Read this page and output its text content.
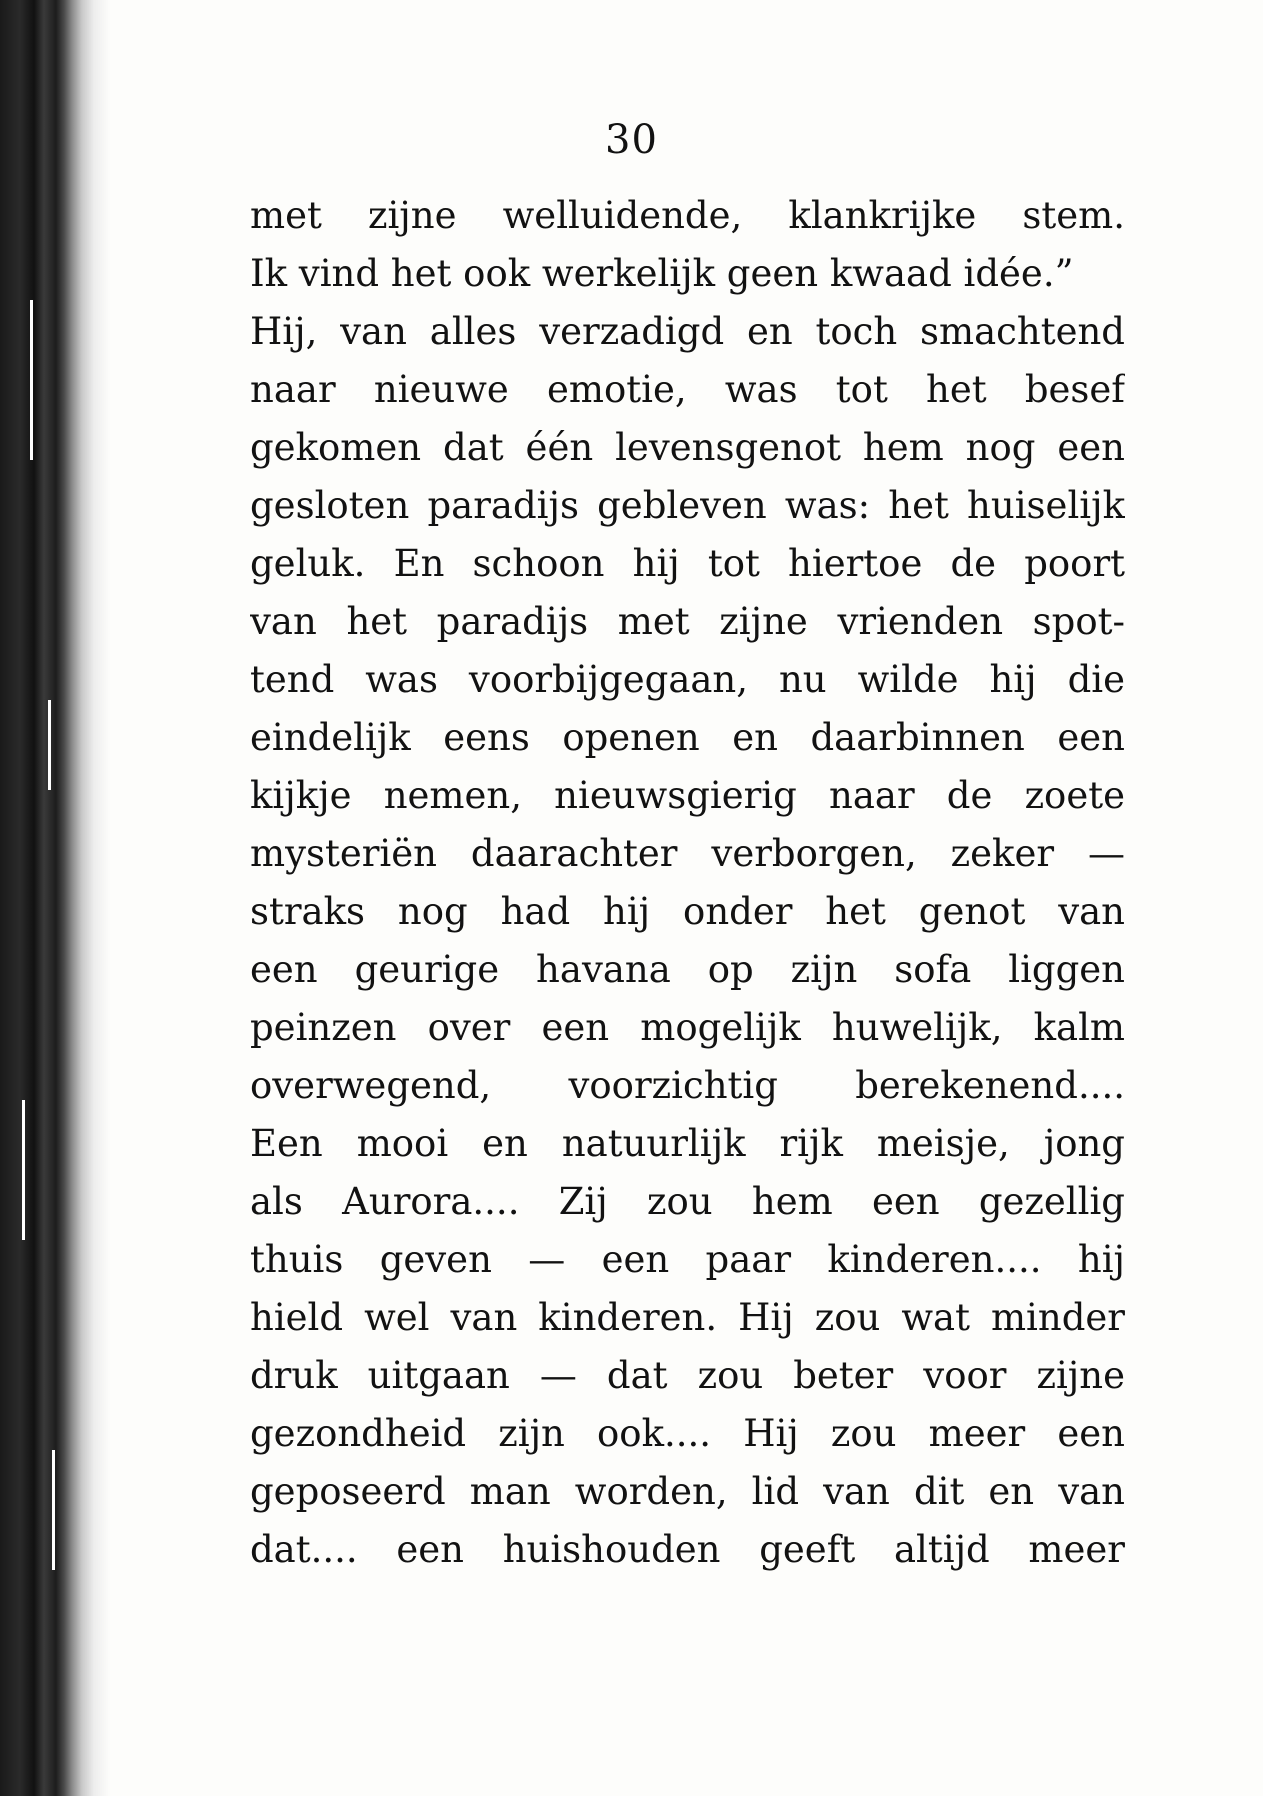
30
met zijne welluidende, klankrijke stem.
Ik vind het ook werkelijk geen kwaad idée.”
Hij, van alles verzadigd en toch smachtend
naar nieuwe emotie, was tot het besef
gekomen dat één levensgenot hem nog een
gesloten paradijs gebleven was: het huiselijk
geluk. En schoon hij tot hiertoe de poort
van het paradijs met zijne vrienden spot-
tend was voorbijgegaan, nu wilde hij die
eindelijk eens openen en daarbinnen een
kijkje nemen, nieuwsgierig naar de zoete
mysteriën daarachter verborgen, zeker —
straks nog had hij onder het genot van
een geurige havana op zijn sofa liggen
peinzen over een mogelijk huwelijk, kalm
overwegend, voorzichtig berekenend....
Een mooi en natuurlijk rijk meisje, jong
als Aurora.... Zij zou hem een gezellig
thuis geven — een paar kinderen.... hij
hield wel van kinderen. Hij zou wat minder
druk uitgaan — dat zou beter voor zijne
gezondheid zijn ook.... Hij zou meer een
geposeerd man worden, lid van dit en van
dat.... een huishouden geeft altijd meer
